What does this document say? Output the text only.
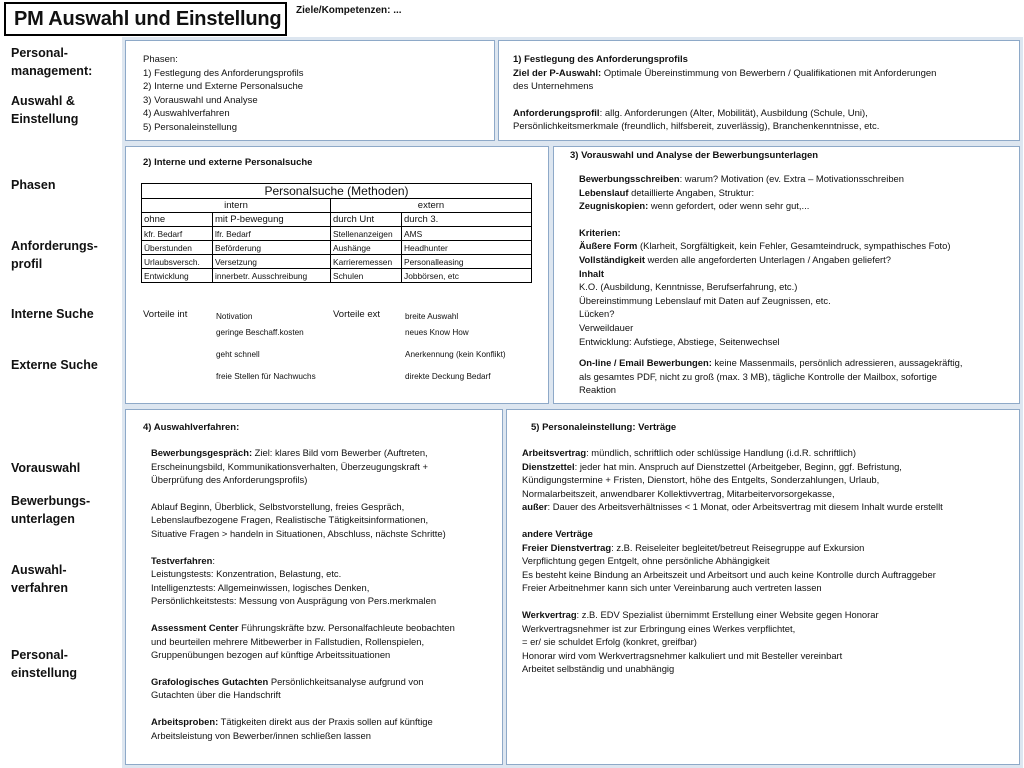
PM Auswahl und Einstellung Ziele/Kompetenzen: ...
Personal-
management:
Auswahl &
Einstellung
Phasen
Anforderungs-
profil
Interne Suche
Externe Suche
Vorauswahl
Bewerbungs-
unterlagen
Auswahl-
verfahren
Personal-
einstellung
Phasen:
1) Festlegung des Anforderungsprofils
2) Interne und Externe Personalsuche
3) Vorauswahl und Analyse
4) Auswahlverfahren
5) Personaleinstellung
1) Festlegung des Anforderungsprofils
Ziel der P-Auswahl: Optimale Übereinstimmung von Bewerbern / Qualifikationen mit Anforderungen
des Unternehmens
Anforderungsprofil: allg. Anforderungen (Alter, Mobilität), Ausbildung (Schule, Uni),
Persönlichkeitsmerkmale (freundlich, hilfsbereit, zuverlässig), Branchenkenntnisse, etc.
2) Interne und externe Personalsuche
Personalsuche (Methoden)			
intern		extern	
ohne	mit P-bewegung	durch Unt	durch 3.
kfr. Bedarf	lfr. Bedarf	Stellenanzeigen	AMS
Überstunden	Beförderung	Aushänge	Headhunter
Urlaubsversch.	Versetzung	Karrieremessen	Personalleasing
Entwicklung	innerbetr. Ausschreibung	Schulen	Jobbörsen, etc
Vorteile int	Vorteile ext
Notivation	breite Auswahl
geringe Beschaff.kosten	neues Know How
geht schnell	Anerkennung (kein Konflikt)
freie Stellen für Nachwuchs	direkte Deckung Bedarf
3) Vorauswahl und Analyse der Bewerbungsunterlagen
Bewerbungsschreiben: warum? Motivation (ev. Extra – Motivationsschreiben
Lebenslauf detaillierte Angaben, Struktur:
Zeugniskopien: wenn gefordert, oder wenn sehr gut,...
Kriterien:
Äußere Form (Klarheit, Sorgfältigkeit, kein Fehler, Gesamteindruck, sympathisches Foto)
Vollständigkeit werden alle angeforderten Unterlagen / Angaben geliefert?
Inhalt
K.O. (Ausbildung, Kenntnisse, Berufserfahrung, etc.)
Übereinstimmung Lebenslauf mit Daten auf Zeugnissen, etc.
Lücken?
Verweildauer
Entwicklung: Aufstiege, Abstiege, Seitenwechsel
On-line / Email Bewerbungen: keine Massenmails, persönlich adressieren, aussagekräftig,
als gesamtes PDF, nicht zu groß (max. 3 MB), tägliche Kontrolle der Mailbox, sofortige
Reaktion
4) Auswahlverfahren:
Bewerbungsgespräch: Ziel: klares Bild vom Bewerber (Auftreten,
Erscheinungsbild, Kommunikationsverhalten, Überzeugungskraft +
Überprüfung des Anforderungsprofils)
Ablauf Beginn, Überblick, Selbstvorstellung, freies Gespräch,
Lebenslaufbezogene Fragen, Realistische Tätigkeitsinformationen,
Situative Fragen > handeln in Situationen, Abschluss, nächste Schritte)
Testverfahren:
Leistungstests: Konzentration, Belastung, etc.
Intelligenztests: Allgemeinwissen, logisches Denken,
Persönlichkeitstests: Messung von Ausprägung von Pers.merkmalen
Assessment Center Führungskräfte bzw. Personalfachleute beobachten
und beurteilen mehrere Mitbewerber in Fallstudien, Rollenspielen,
Gruppenübungen bezogen auf künftige Arbeitssituationen
Grafologisches Gutachten Persönlichkeitsanalyse aufgrund von
Gutachten über die Handschrift
Arbeitsproben: Tätigkeiten direkt aus der Praxis sollen auf künftige
Arbeitsleistung von Bewerber/innen schließen lassen
5) Personaleinstellung: Verträge
Arbeitsvertrag: mündlich, schriftlich oder schlüssige Handlung (i.d.R. schriftlich)
Dienstzettel: jeder hat min. Anspruch auf Dienstzettel (Arbeitgeber, Beginn, ggf. Befristung,
Kündigungstermine + Fristen, Dienstort, höhe des Entgelts, Sonderzahlungen, Urlaub,
Normalarbeitszeit, anwendbarer Kollektivvertrag, Mitarbeitervorsorgekasse,
außer: Dauer des Arbeitsverhältnisses < 1 Monat, oder Arbeitsvertrag mit diesem Inhalt wurde erstellt
andere Verträge
Freier Dienstvertrag: z.B. Reiseleiter begleitet/betreut Reisegruppe auf Exkursion
Verpflichtung gegen Entgelt, ohne persönliche Abhängigkeit
Es besteht keine Bindung an Arbeitszeit und Arbeitsort und auch keine Kontrolle durch Auftraggeber
Freier Arbeitnehmer kann sich unter Vereinbarung auch vertreten lassen
Werkvertrag: z.B. EDV Spezialist übernimmt Erstellung einer Website gegen Honorar
Werkvertragsnehmer ist zur Erbringung eines Werkes verpflichtet,
= er/ sie schuldet Erfolg (konkret, greifbar)
Honorar wird vom Werkvertragsnehmer kalkuliert und mit Besteller vereinbart
Arbeitet selbständig und unabhängig
